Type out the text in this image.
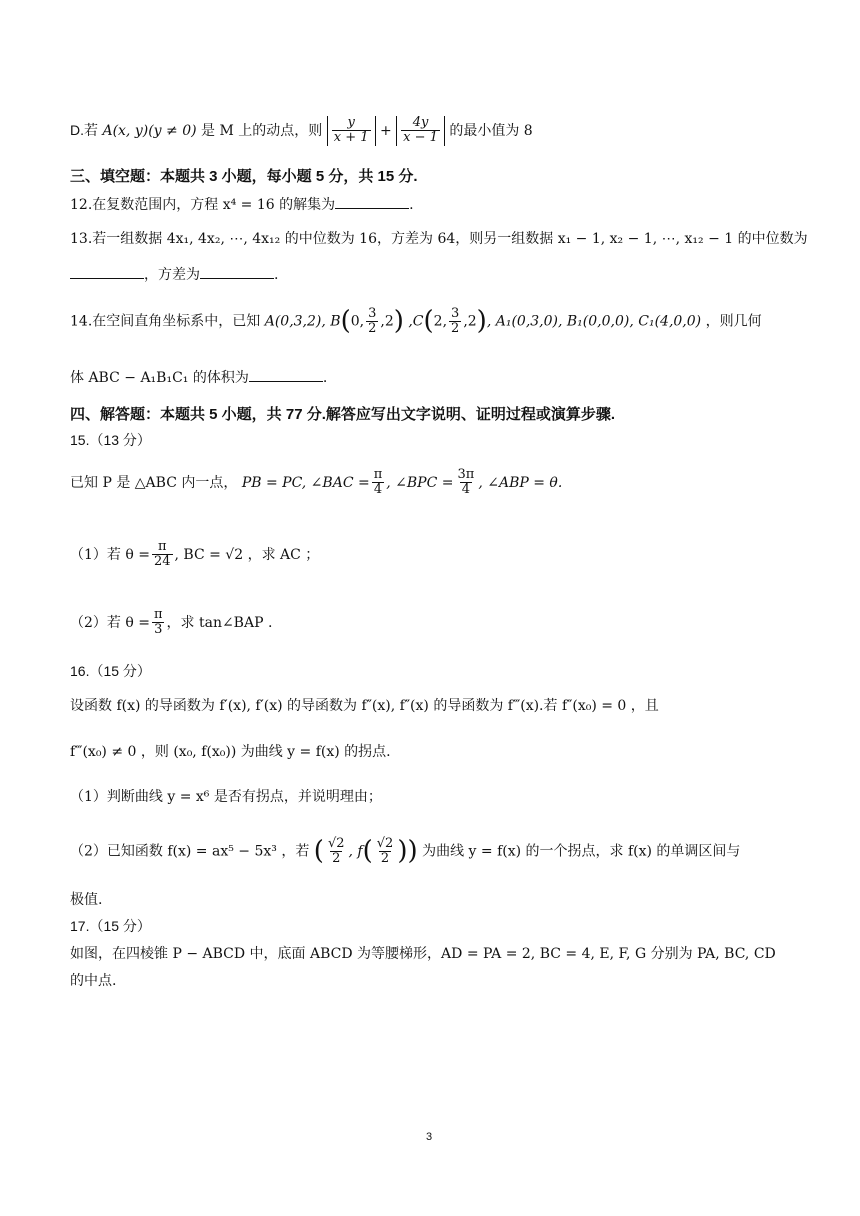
D.若 A(x, y)(y ≠ 0) 是 M 上的动点，则 $\frac{y}{x + 1} + \frac{4y}{x - 1}$ 的最小值为 8
三、填空题：本题共 3 小题，每小题 5 分，共 15 分.
12.在复数范围内，方程 x⁴ = 16 的解集为	.
13.若一组数据 4x₁, 4x₂, ⋯, 4x₁₂ 的中位数为 16，方差为 64，则另一组数据 x₁ − 1, x₂ − 1, ⋯, x₁₂ − 1 的中位数为
，方差为	.
14.在空间直角坐标系中，已知 A(0,3,2), B(0, $\frac{3}{2} ,2$) ,C(2, $\frac{3}{2} ,2$), A₁(0,3,0), B₁(0,0,0), C₁(4,0,0) ，则几何
体 ABC − A₁B₁C₁ 的体积为	.
四、解答题：本题共 5 小题，共 77 分.解答应写出文字说明、证明过程或演算步骤.
15.（13 分）
已知 P 是 △ABC 内一点， PB = PC, ∠BAC = $\frac{\pi}{4}$ , ∠BPC = $\frac{3\pi}{4}$ , ∠ABP = θ.
（1）若 $\theta = \frac{\pi}{24}$ , BC = √2 ，求 AC ；
（2）若 $\theta = \frac{\pi}{3}$ ，求 tan∠BAP .
16.（15 分）
设函数 f(x) 的导函数为 f′(x), f′(x) 的导函数为 f″(x), f″(x) 的导函数为 f‴(x).若 f″(x₀) = 0 ，且
f‴(x₀) ≠ 0 ，则 (x₀, f(x₀)) 为曲线 y = f(x) 的拐点.
（1）判断曲线 y = x⁶ 是否有拐点，并说明理由；
（2）已知函数 f(x) = ax⁵ − 5x³ ，若 ( $\frac{√2}{2}$ , $f( \frac{√2}{2}$ )) 为曲线 y = f(x) 的一个拐点，求 f(x) 的单调区间与
极值.
17.（15 分）
如图，在四棱锥 P − ABCD 中，底面 ABCD 为等腰梯形，AD = PA = 2, BC = 4, E, F, G 分别为 PA, BC, CD
的中点.
3
